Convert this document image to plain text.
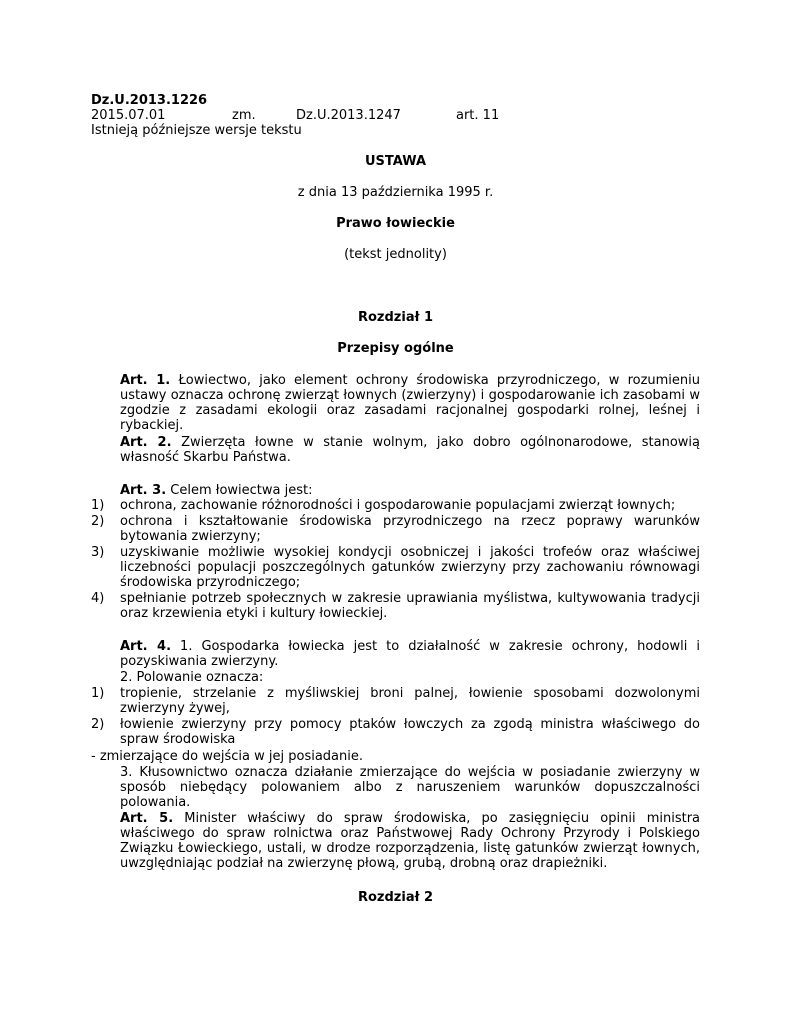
Dz.U.2013.1226
2015.07.01	zm.	Dz.U.2013.1247	art. 11
Istnieją późniejsze wersje tekstu
USTAWA
z dnia 13 października 1995 r.
Prawo łowieckie
(tekst jednolity)
Rozdział 1
Przepisy ogólne
Art. 1. Łowiectwo, jako element ochrony środowiska przyrodniczego, w rozumieniu ustawy oznacza ochronę zwierząt łownych (zwierzyny) i gospodarowanie ich zasobami w zgodzie z zasadami ekologii oraz zasadami racjonalnej gospodarki rolnej, leśnej i rybackiej.
Art. 2. Zwierzęta łowne w stanie wolnym, jako dobro ogólnonarodowe, stanowią własność Skarbu Państwa.
Art. 3. Celem łowiectwa jest:
1) ochrona, zachowanie różnorodności i gospodarowanie populacjami zwierząt łownych;
2) ochrona i kształtowanie środowiska przyrodniczego na rzecz poprawy warunków bytowania zwierzyny;
3) uzyskiwanie możliwie wysokiej kondycji osobniczej i jakości trofeów oraz właściwej liczebności populacji poszczególnych gatunków zwierzyny przy zachowaniu równowagi środowiska przyrodniczego;
4) spełnianie potrzeb społecznych w zakresie uprawiania myślistwa, kultywowania tradycji oraz krzewienia etyki i kultury łowieckiej.
Art. 4. 1. Gospodarka łowiecka jest to działalność w zakresie ochrony, hodowli i pozyskiwania zwierzyny.
2. Polowanie oznacza:
1) tropienie, strzelanie z myśliwskiej broni palnej, łowienie sposobami dozwolonymi zwierzyny żywej,
2) łowienie zwierzyny przy pomocy ptaków łowczych za zgodą ministra właściwego do spraw środowiska
- zmierzające do wejścia w jej posiadanie.
3. Kłusownictwo oznacza działanie zmierzające do wejścia w posiadanie zwierzyny w sposób niebędący polowaniem albo z naruszeniem warunków dopuszczalności polowania.
Art. 5. Minister właściwy do spraw środowiska, po zasięgnięciu opinii ministra właściwego do spraw rolnictwa oraz Państwowej Rady Ochrony Przyrody i Polskiego Związku Łowieckiego, ustali, w drodze rozporządzenia, listę gatunków zwierząt łownych, uwzględniając podział na zwierzynę płową, grubą, drobną oraz drapieżniki.
Rozdział 2
